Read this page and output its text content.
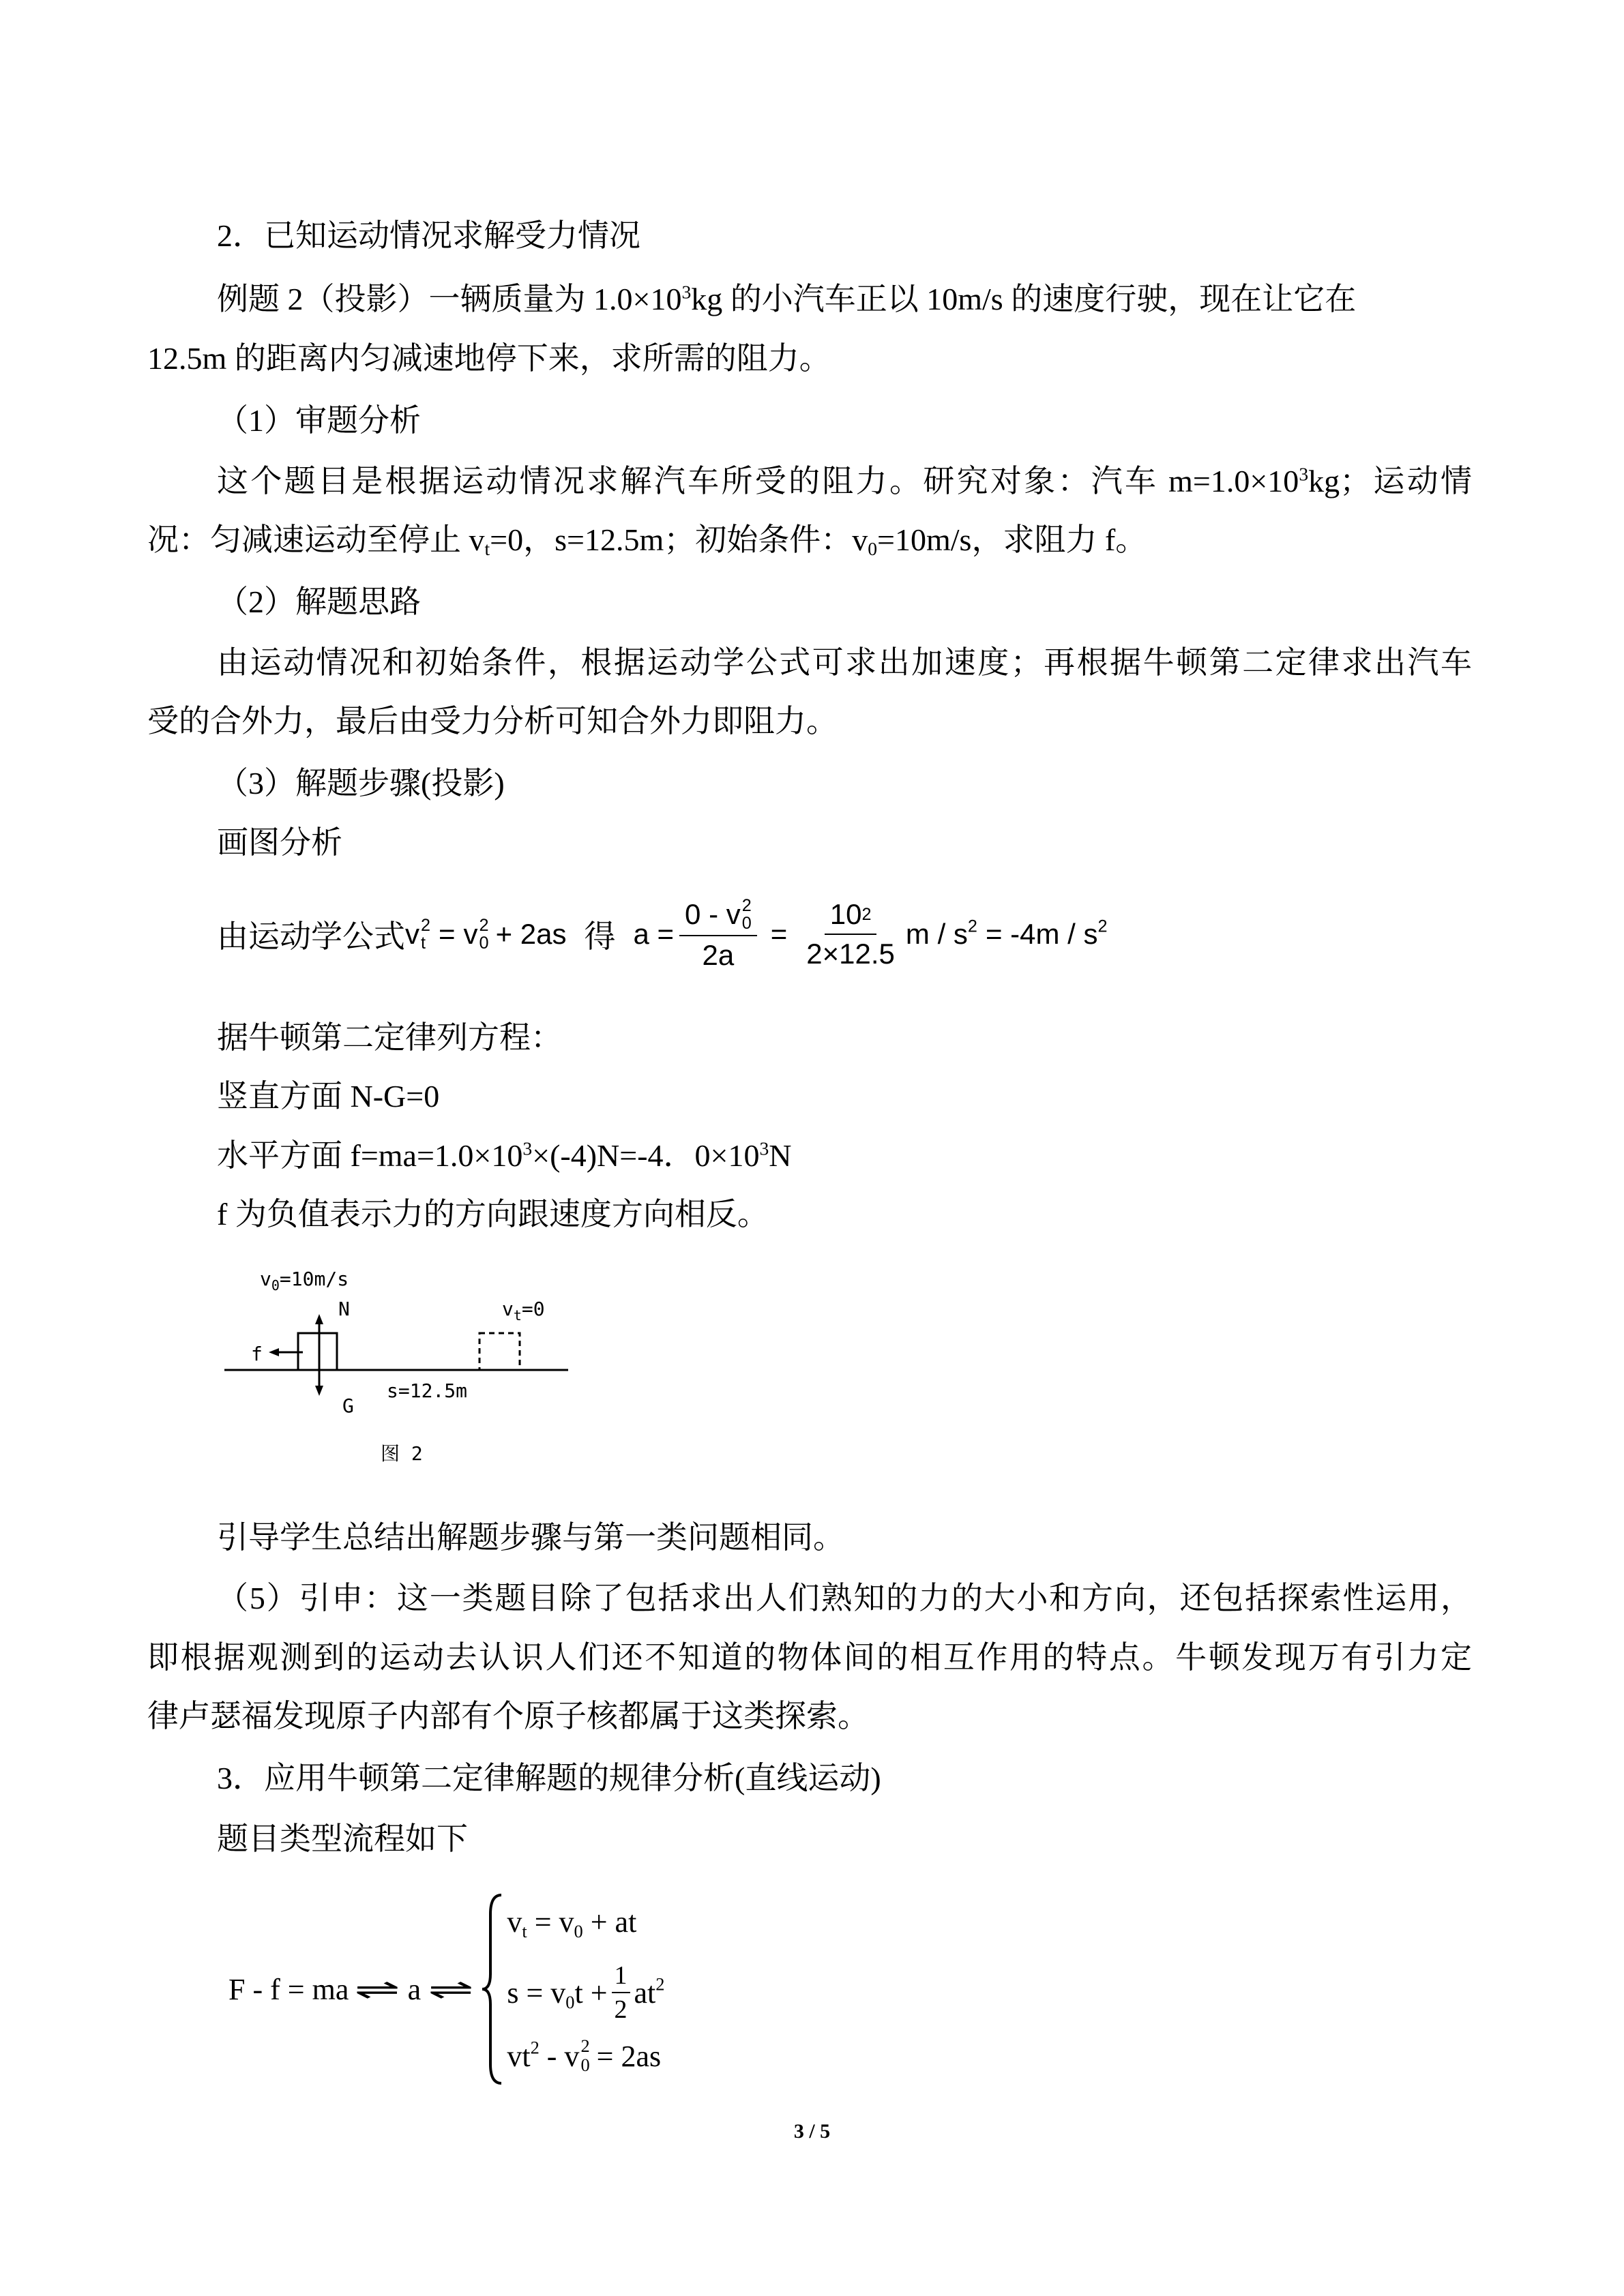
2．已知运动情况求解受力情况
例题 2（投影）一辆质量为 $1.0\times 10^3kg$ 的小汽车正以 10m/s 的速度行驶，现在让它在
12.5m 的距离内匀减速地停下来，求所需的阻力。
（1）审题分析
这个题目是根据运动情况求解汽车所受的阻力。研究对象：汽车 $m=1.0\times 10^3kg$；运动情
况：匀减速运动至停止 $v_t=0$，s=12.5m；初始条件：$v_0=10m/s$，求阻力 f。
（2）解题思路
由运动情况和初始条件，根据运动学公式可求出加速度；再根据牛顿第二定律求出汽车
受的合外力，最后由受力分析可知合外力即阻力。
（3）解题步骤(投影)
画图分析
由运动学公式 v 2
t = v 2
0 + 2as 得 a = 0 - v 2
0
$2a = \frac{10 2}{2\times 12.5}$ $m / s^2 = -4m / s^2$
据牛顿第二定律列方程：
竖直方面 N-G=0
水平方面 $f=ma=1.0\times 10^3\times(-4)N=-4$．$0\times 10^3N$
f 为负值表示力的方向跟速度方向相反。
$v_0=10m/s$
N	$v_t=0$
f
s=12.5m
G
图 2
引导学生总结出解题步骤与第一类问题相同。
（5）引申：这一类题目除了包括求出人们熟知的力的大小和方向，还包括探索性运用，
即根据观测到的运动去认识人们还不知道的物体间的相互作用的特点。牛顿发现万有引力定
律卢瑟福发现原子内部有个原子核都属于这类探索。
3．应用牛顿第二定律解题的规律分析(直线运动)
题目类型流程如下
F - f = ma ⇌ a ⇌
$v_t = v_0$ + at
$s = v_0t + \frac{1}{2} at^2$
$vt^2$ - v 2
0 = 2as
3 / 5
